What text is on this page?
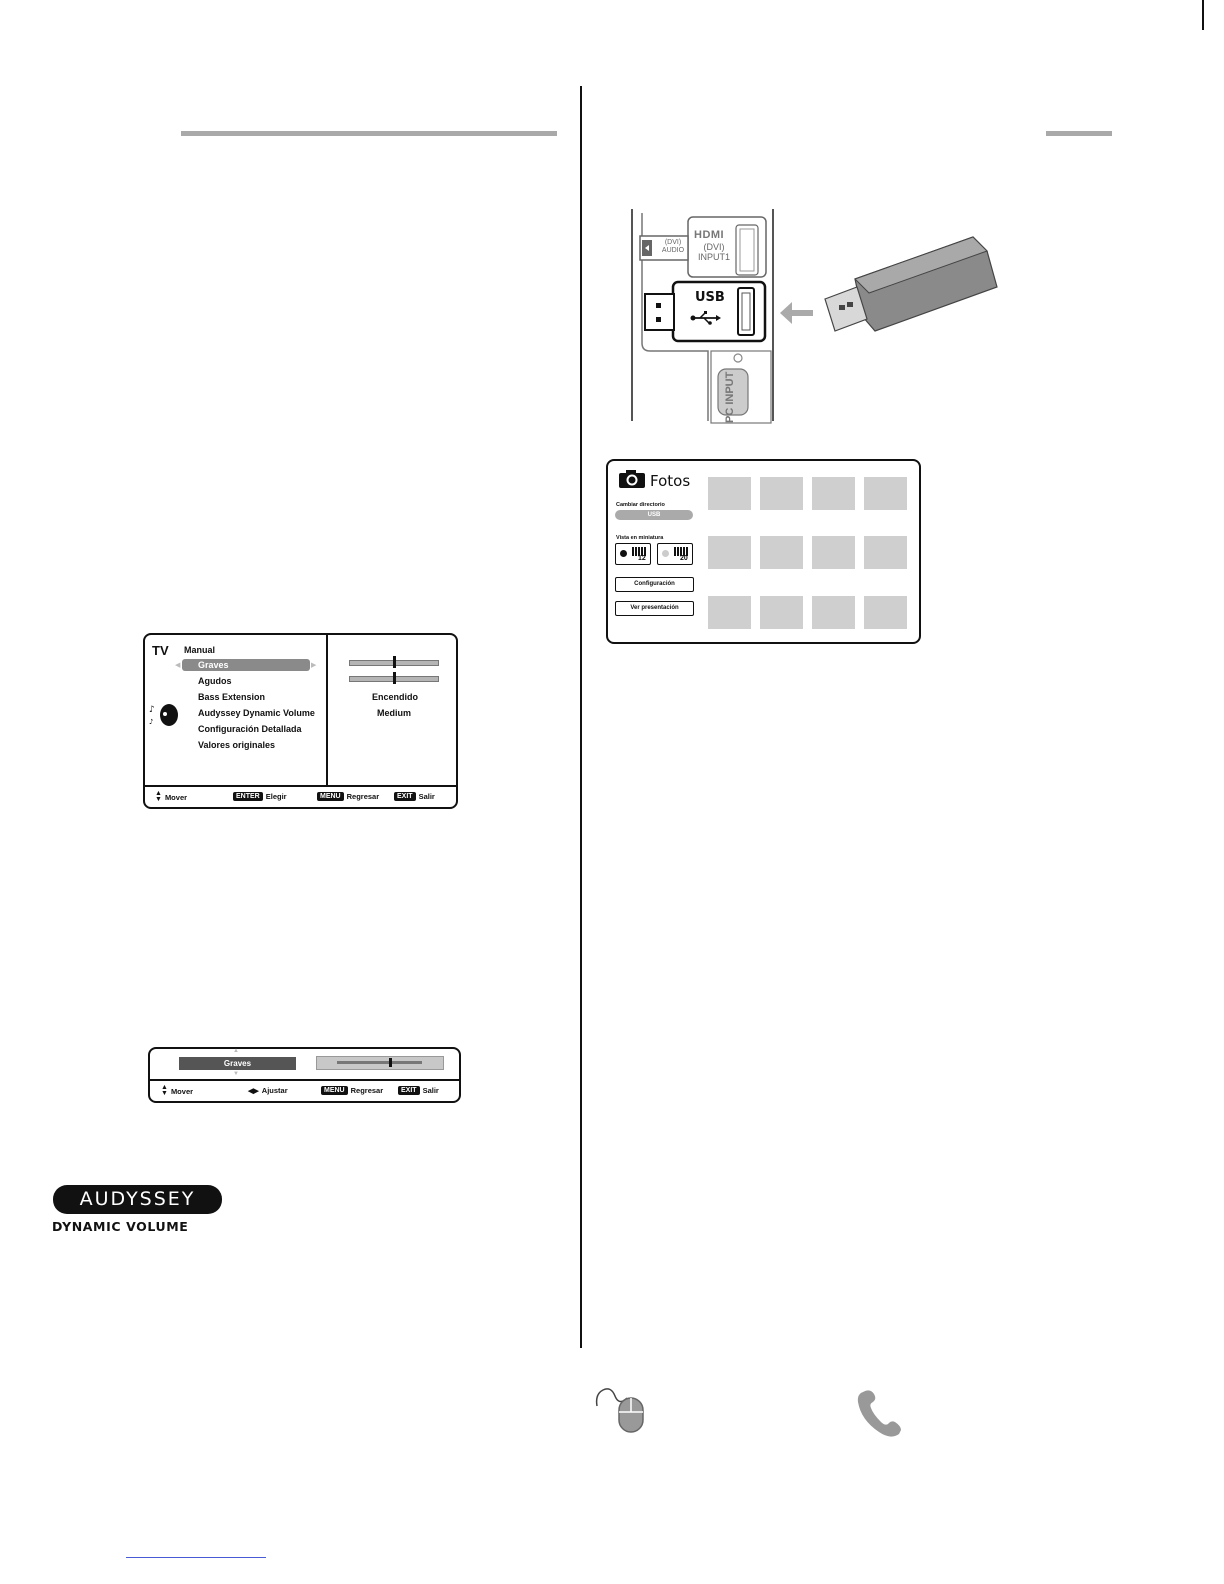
TV Manual
◀	▶
Graves
Agudos
Bass Extension
Audyssey Dynamic Volume
Configuración Detallada
Valores originales
♪
♪
Encendido
Medium
▲
▼ Mover	ENTER Elegir	MENU Regresar	EXIT Salir
▲
Graves
▼
▲
▼ Mover	◀▶ Ajustar	MENU Regresar	EXIT Salir
AUDYSSEY
DYNAMIC VOLUME
(DVI)
AUDIO
HDMI
(DVI)
INPUT1
USB
PC INPUT
Fotos
Cambiar directorio
USB
Vista en miniatura
12	20
Configuración
Ver presentación
